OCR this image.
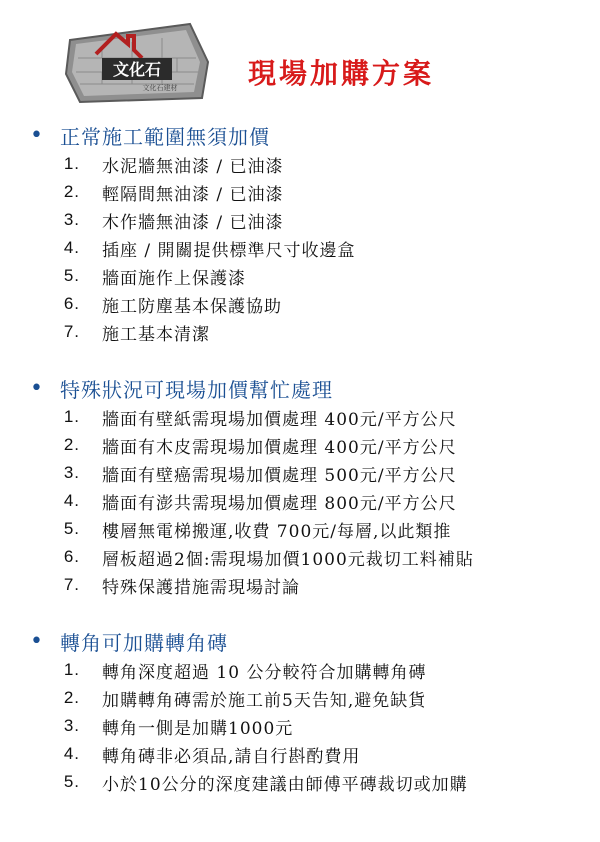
文化石
文化石建材	現場加購方案
• 正常施工範圍無須加價
1.	水泥牆無油漆 / 已油漆
2.	輕隔間無油漆 / 已油漆
3.	木作牆無油漆 / 已油漆
4.	插座 / 開關提供標準尺寸收邊盒
5.	牆面施作上保護漆
6.	施工防塵基本保護協助
7.	施工基本清潔
• 特殊狀況可現場加價幫忙處理
1.	牆面有壁紙需現場加價處理 400元/平方公尺
2.	牆面有木皮需現場加價處理 400元/平方公尺
3.	牆面有壁癌需現場加價處理 500元/平方公尺
4.	牆面有澎共需現場加價處理 800元/平方公尺
5.	樓層無電梯搬運,收費 700元/每層,以此類推
6.	層板超過2個:需現場加價1000元裁切工料補貼
7.	特殊保護措施需現場討論
• 轉角可加購轉角磚
1.	轉角深度超過 10 公分較符合加購轉角磚
2.	加購轉角磚需於施工前5天告知,避免缺貨
3.	轉角一側是加購1000元
4.	轉角磚非必須品,請自行斟酌費用
5.	小於10公分的深度建議由師傅平磚裁切或加購
